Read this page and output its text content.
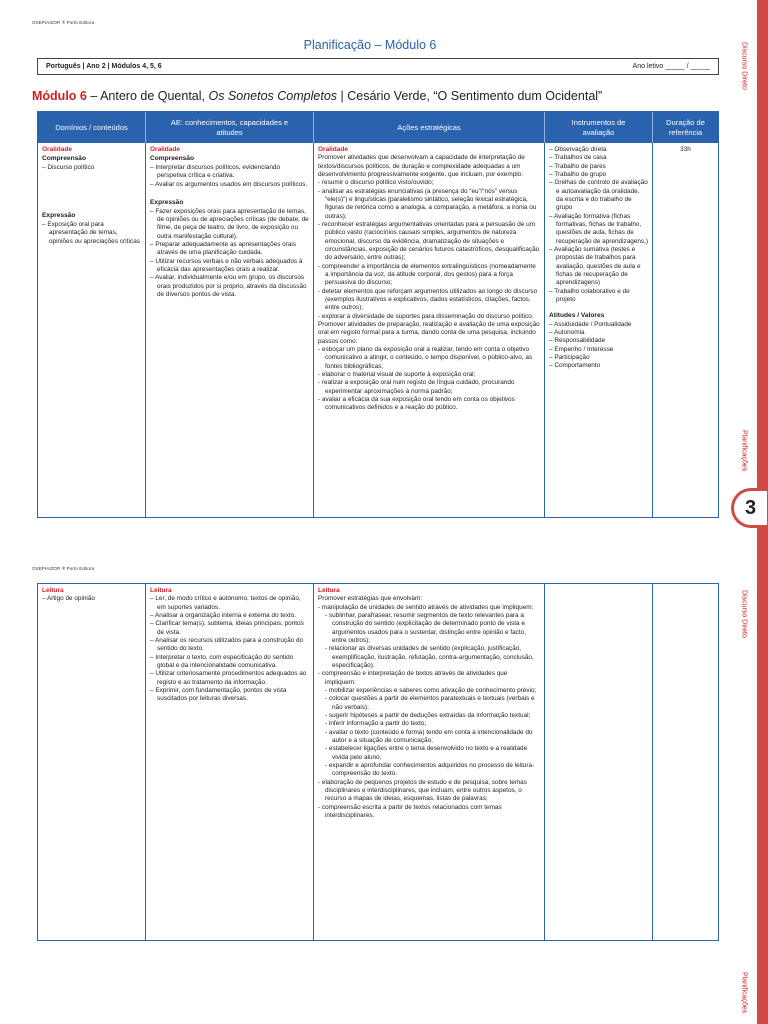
OSEPIAIZOR ® Porto Editora
Planificação – Módulo 6
Português | Ano 2 | Módulos 4, 5, 6	Ano letivo _____ / _____
Módulo 6 – Antero de Quental, Os Sonetos Completos | Cesário Verde, “O Sentimento dum Ocidental”
Domínios / conteúdos
AE: conhecimentos, capacidades e atitudes
Ações estratégicas
Instrumentos de avaliação
Duração de referência
Oralidade
Compreensão
– Discurso político
Expressão
– Exposição oral para apresentação de temas, opiniões ou apreciações críticas
Oralidade
Compreensão
– Interpretar discursos políticos, evidenciando perspetiva crítica e criativa.
– Avaliar os argumentos usados em discursos políticos.
Expressão
– Fazer exposições orais para apresentação de temas, de opiniões ou de apreciações críticas (de debate, de filme, de peça de teatro, de livro, de exposição ou outra manifestação cultural).
– Preparar adequadamente as apresentações orais através de uma planificação cuidada.
– Utilizar recursos verbais e não verbais adequados à eficácia das apresentações orais a realizar.
– Avaliar, individualmente e/ou em grupo, os discursos orais produzidos por si próprio, através da discussão de diversos pontos de vista.
Oralidade
Promover atividades que desenvolvam a capacidade de interpretação de textos/discursos políticos, de duração e complexidade adequadas a um desenvolvimento progressivamente exigente, que incluam, por exemplo:
- resumir o discurso político visto/ouvido;
- analisar as estratégias enunciativas (a presença do “eu”/“nós” versus “ele(s)”) e linguísticas (paralelismo sintático, seleção lexical estratégica, figuras de retórica como a analogia, a comparação, a metáfora, a ironia ou outras);
- reconhecer estratégias argumentativas orientadas para a persuasão de um público vasto (raciocínios causais simples, argumentos de natureza emocional, discurso da evidência, dramatização de situações e circunstâncias, exposição de cenários futuros catastróficos, desqualificação do adversário, entre outras);
- compreender a importância de elementos extralinguísticos (nomeadamente a importância da voz, da atitude corporal, dos gestos) para a força persuasiva do discurso;
- detetar elementos que reforçam argumentos utilizados ao longo do discurso (exemplos ilustrativos e explicativos, dados estatísticos, citações, factos, entre outros);
- explorar a diversidade de suportes para disseminação do discurso político.
Promover atividades de preparação, realização e avaliação de uma exposição oral em registo formal para a turma, dando conta de uma pesquisa, incluindo passos como:
- esboçar um plano da exposição oral a realizar, tendo em conta o objetivo comunicativo a atingir, o conteúdo, o tempo disponível, o público-alvo, as fontes bibliográficas;
- elaborar o material visual de suporte à exposição oral;
- realizar a exposição oral num registo de língua cuidado, procurando experimentar aproximações à norma padrão;
- avaliar a eficácia da sua exposição oral tendo em conta os objetivos comunicativos definidos e a reação do público.
– Observação direta
– Trabalhos de casa
– Trabalho de pares
– Trabalho de grupo
– Grelhas de controlo de avaliação e autoavaliação da oralidade, da escrita e do trabalho de grupo
– Avaliação formativa (fichas formativas, fichas de trabalho, questões de aula, fichas de recuperação de aprendizagens,)
– Avaliação sumativa (testes e propostas de trabalhos para avaliação, questões de aula e fichas de recuperação de aprendizagens)
– Trabalho colaborativo e de projeto
Atitudes / Valores
– Assiduidade / Pontualidade
– Autonomia
– Responsabilidade
– Empenho / Interesse
– Participação
– Comportamento
33h
OSEPIAIZOR ® Porto Editora
Leitura
– Artigo de opinião
Leitura
– Ler, de modo crítico e autónomo, textos de opinião, em suportes variados.
– Analisar a organização interna e externa do texto.
– Clarificar tema(s), subtema, ideias principais, pontos de vista.
– Analisar os recursos utilizados para a construção do sentido do texto.
– Interpretar o texto, com especificação do sentido global e da intencionalidade comunicativa.
– Utilizar criteriosamente procedimentos adequados ao registo e ao tratamento da informação.
– Exprimir, com fundamentação, pontos de vista suscitados por leituras diversas.
Leitura
Promover estratégias que envolvam:
- manipulação de unidades de sentido através de atividades que impliquem:
- sublinhar, parafrasear, resumir segmentos de texto relevantes para a construção do sentido (explicitação de determinado ponto de vista e argumentos usados para o sustentar, distinção entre opinião e facto, entre outros);
- relacionar as diversas unidades de sentido (explicação, justificação, exemplificação, ilustração, refutação, contra-argumentação, conclusão, especificação).
- compreensão e interpretação de textos através de atividades que impliquem:
- mobilizar experiências e saberes como ativação de conhecimento prévio;
- colocar questões a partir de elementos paratextuais e textuais (verbais e não verbais);
- sugerir hipóteses a partir de deduções extraídas da informação textual;
- inferir informação a partir do texto;
- avaliar o texto (conteúdo e forma) tendo em conta a intencionalidade do autor e a situação de comunicação;
- estabelecer ligações entre o tema desenvolvido no texto e a realidade vivida pelo aluno;
- expandir e aprofundar conhecimentos adquiridos no processo de leitura-compreensão do texto.
- elaboração de pequenos projetos de estudo e de pesquisa, sobre temas disciplinares e interdisciplinares, que incluam, entre outros aspetos, o recurso a mapas de ideias, esquemas, listas de palavras;
- compreensão escrita a partir de textos relacionados com temas interdisciplinares.
Discurso Direto
Planificações
3
Discurso Direto
Planificações
